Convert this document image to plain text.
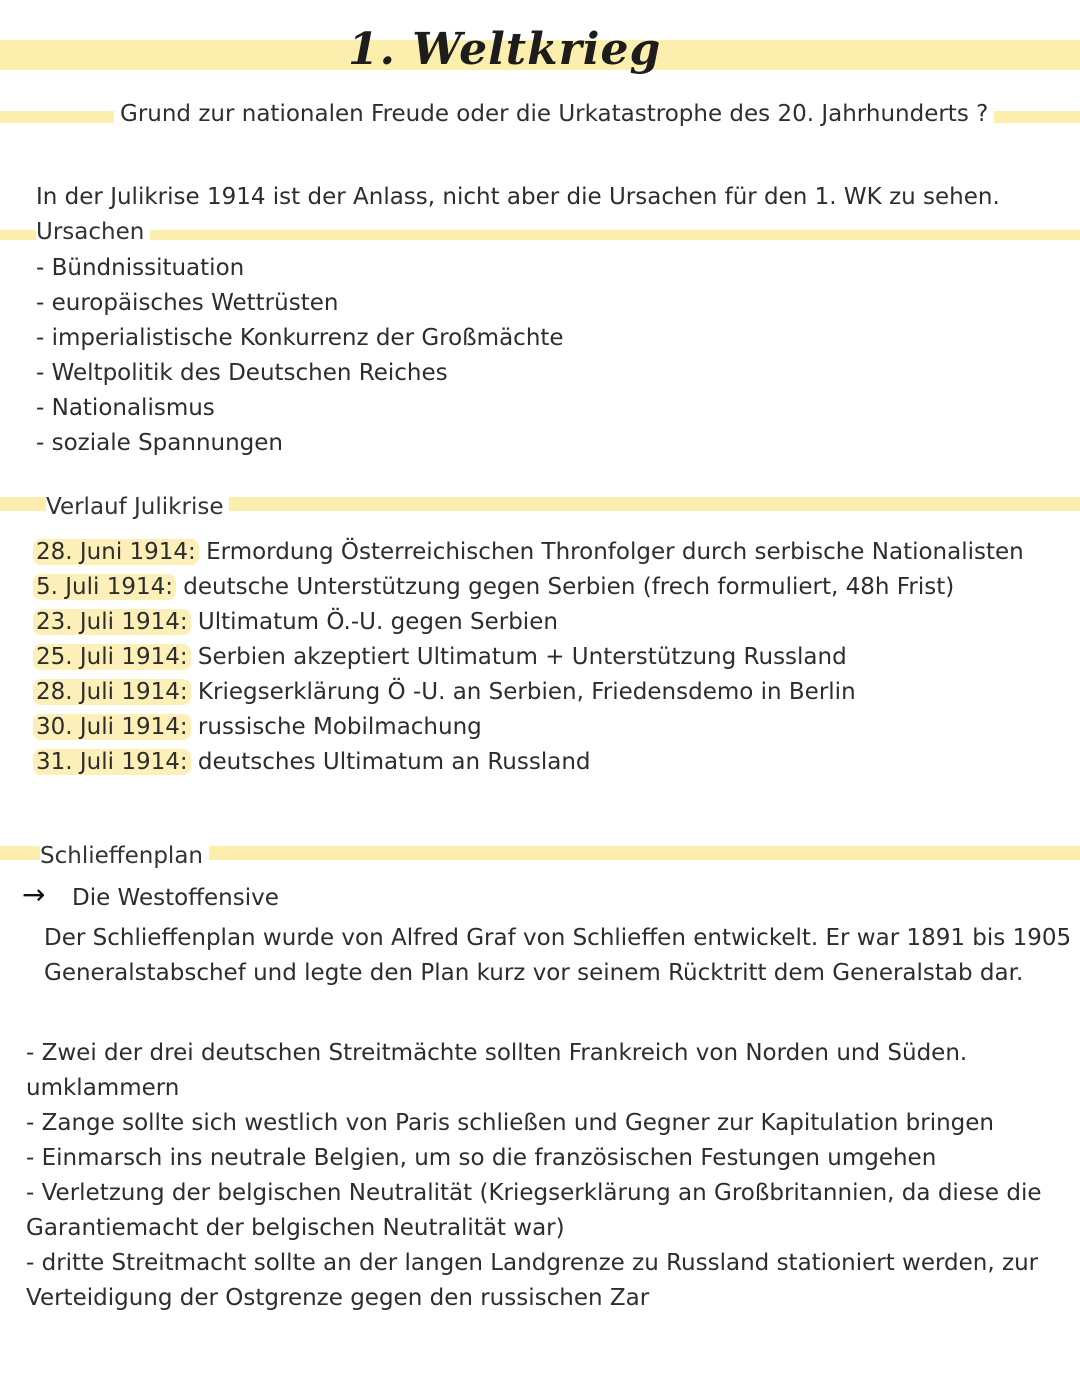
1. Weltkrieg
Grund zur nationalen Freude oder die Urkatastrophe des 20. Jahrhunderts ?
In der Julikrise 1914 ist der Anlass, nicht aber die Ursachen für den 1. WK zu sehen.
Ursachen
- Bündnissituation
- europäisches Wettrüsten
- imperialistische Konkurrenz der Großmächte
- Weltpolitik des Deutschen Reiches
- Nationalismus
- soziale Spannungen
Verlauf Julikrise
28. Juni 1914: Ermordung Österreichischen Thronfolger durch serbische Nationalisten
5. Juli 1914: deutsche Unterstützung gegen Serbien (frech formuliert, 48h Frist)
23. Juli 1914: Ultimatum Ö.-U. gegen Serbien
25. Juli 1914: Serbien akzeptiert Ultimatum + Unterstützung Russland
28. Juli 1914: Kriegserklärung Ö -U. an Serbien, Friedensdemo in Berlin
30. Juli 1914: russische Mobilmachung
31. Juli 1914: deutsches Ultimatum an Russland
Schlieffenplan
→ Die Westoffensive
Der Schlieffenplan wurde von Alfred Graf von Schlieffen entwickelt. Er war 1891 bis 1905
Generalstabschef und legte den Plan kurz vor seinem Rücktritt dem Generalstab dar.
- Zwei der drei deutschen Streitmächte sollten Frankreich von Norden und Süden.
umklammern
- Zange sollte sich westlich von Paris schließen und Gegner zur Kapitulation bringen
- Einmarsch ins neutrale Belgien, um so die französischen Festungen umgehen
- Verletzung der belgischen Neutralität (Kriegserklärung an Großbritannien, da diese die
Garantiemacht der belgischen Neutralität war)
- dritte Streitmacht sollte an der langen Landgrenze zu Russland stationiert werden, zur
Verteidigung der Ostgrenze gegen den russischen Zar
